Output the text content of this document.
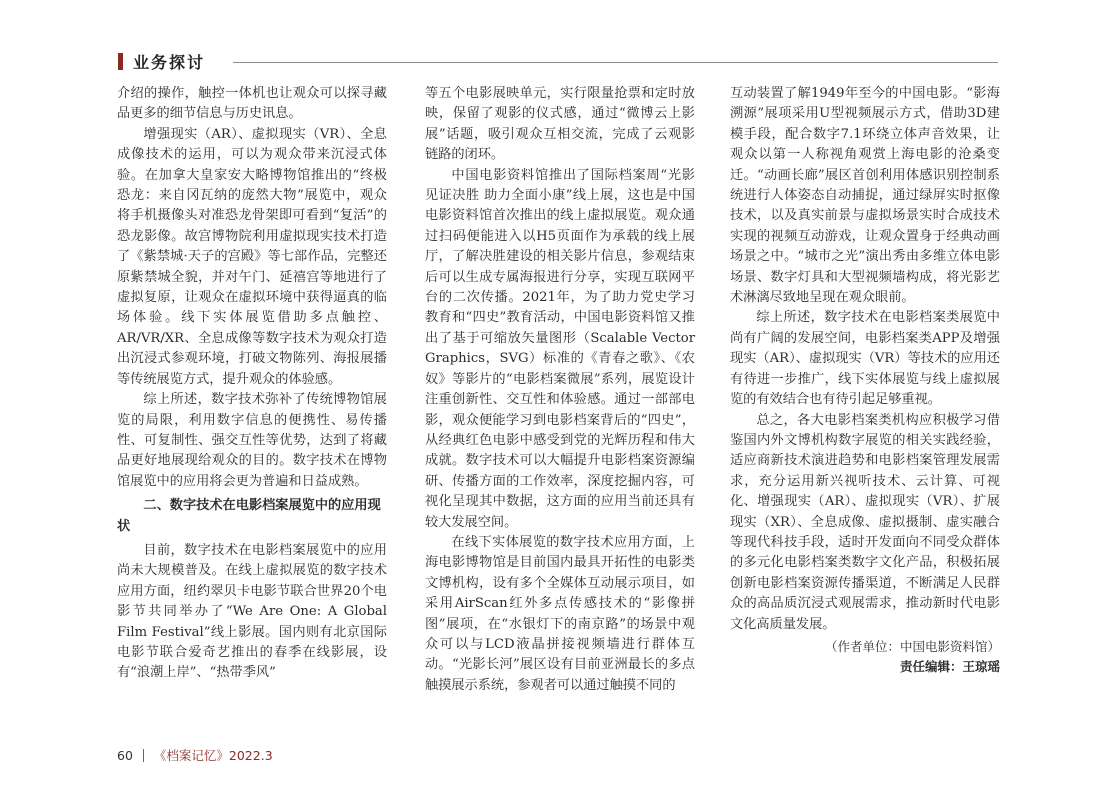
业务探讨

介绍的操作，触控一体机也让观众可以探寻藏品更多的细节信息与历史讯息。

增强现实（AR）、虚拟现实（VR）、全息成像技术的运用，可以为观众带来沉浸式体验。在加拿大皇家安大略博物馆推出的“终极恐龙：来自冈瓦纳的庞然大物”展览中，观众将手机摄像头对准恐龙骨架即可看到“复活”的恐龙影像。故宫博物院利用虚拟现实技术打造了《紫禁城·天子的宫殿》等七部作品，完整还原紫禁城全貌，并对午门、延禧宫等地进行了虚拟复原，让观众在虚拟环境中获得逼真的临场体验。线下实体展览借助多点触控、AR/VR/XR、全息成像等数字技术为观众打造出沉浸式参观环境，打破文物陈列、海报展播等传统展览方式，提升观众的体验感。

综上所述，数字技术弥补了传统博物馆展览的局限，利用数字信息的便携性、易传播性、可复制性、强交互性等优势，达到了将藏品更好地展现给观众的目的。数字技术在博物馆展览中的应用将会更为普遍和日益成熟。

二、数字技术在电影档案展览中的应用现状

目前，数字技术在电影档案展览中的应用尚未大规模普及。在线上虚拟展览的数字技术应用方面，纽约翠贝卡电影节联合世界20个电影节共同举办了“We Are One: A Global Film Festival”线上影展。国内则有北京国际电影节联合爱奇艺推出的春季在线影展，设有“浪潮上岸”、“热带季风”

等五个电影展映单元，实行限量抢票和定时放映，保留了观影的仪式感，通过“微博云上影展”话题，吸引观众互相交流，完成了云观影链路的闭环。

中国电影资料馆推出了国际档案周“光影见证决胜 助力全面小康”线上展，这也是中国电影资料馆首次推出的线上虚拟展览。观众通过扫码便能进入以H5页面作为承载的线上展厅，了解决胜建设的相关影片信息，参观结束后可以生成专属海报进行分享，实现互联网平台的二次传播。2021年，为了助力党史学习教育和“四史”教育活动，中国电影资料馆又推出了基于可缩放矢量图形（Scalable Vector Graphics，SVG）标准的《青春之歌》、《农奴》等影片的“电影档案微展”系列，展览设计注重创新性、交互性和体验感。通过一部部电影，观众便能学习到电影档案背后的“四史”，从经典红色电影中感受到党的光辉历程和伟大成就。数字技术可以大幅提升电影档案资源编研、传播方面的工作效率，深度挖掘内容，可视化呈现其中数据，这方面的应用当前还具有较大发展空间。

在线下实体展览的数字技术应用方面，上海电影博物馆是目前国内最具开拓性的电影类文博机构，设有多个全媒体互动展示项目，如采用AirScan红外多点传感技术的“影像拼图”展项，在“水银灯下的南京路”的场景中观众可以与LCD液晶拼接视频墙进行群体互动。“光影长河”展区设有目前亚洲最长的多点触摸展示系统，参观者可以通过触摸不同的

互动装置了解1949年至今的中国电影。“影海溯源”展项采用U型视频展示方式，借助3D建模手段，配合数字7.1环绕立体声音效果，让观众以第一人称视角观赏上海电影的沧桑变迁。“动画长廊”展区首创利用体感识别控制系统进行人体姿态自动捕捉，通过绿屏实时抠像技术，以及真实前景与虚拟场景实时合成技术实现的视频互动游戏，让观众置身于经典动画场景之中。“城市之光”演出秀由多维立体电影场景、数字灯具和大型视频墙构成，将光影艺术淋漓尽致地呈现在观众眼前。

综上所述，数字技术在电影档案类展览中尚有广阔的发展空间，电影档案类APP及增强现实（AR）、虚拟现实（VR）等技术的应用还有待进一步推广，线下实体展览与线上虚拟展览的有效结合也有待引起足够重视。

总之，各大电影档案类机构应积极学习借鉴国内外文博机构数字展览的相关实践经验，适应商新技术演进趋势和电影档案管理发展需求，充分运用新兴视听技术、云计算、可视化、增强现实（AR）、虚拟现实（VR）、扩展现实（XR）、全息成像、虚拟摄制、虚实融合等现代科技手段，适时开发面向不同受众群体的多元化电影档案类数字文化产品，积极拓展创新电影档案资源传播渠道，不断满足人民群众的高品质沉浸式观展需求，推动新时代电影文化高质量发展。

（作者单位：中国电影资料馆）

责任编辑：王琼瑶

60 《档案记忆》2022.3
